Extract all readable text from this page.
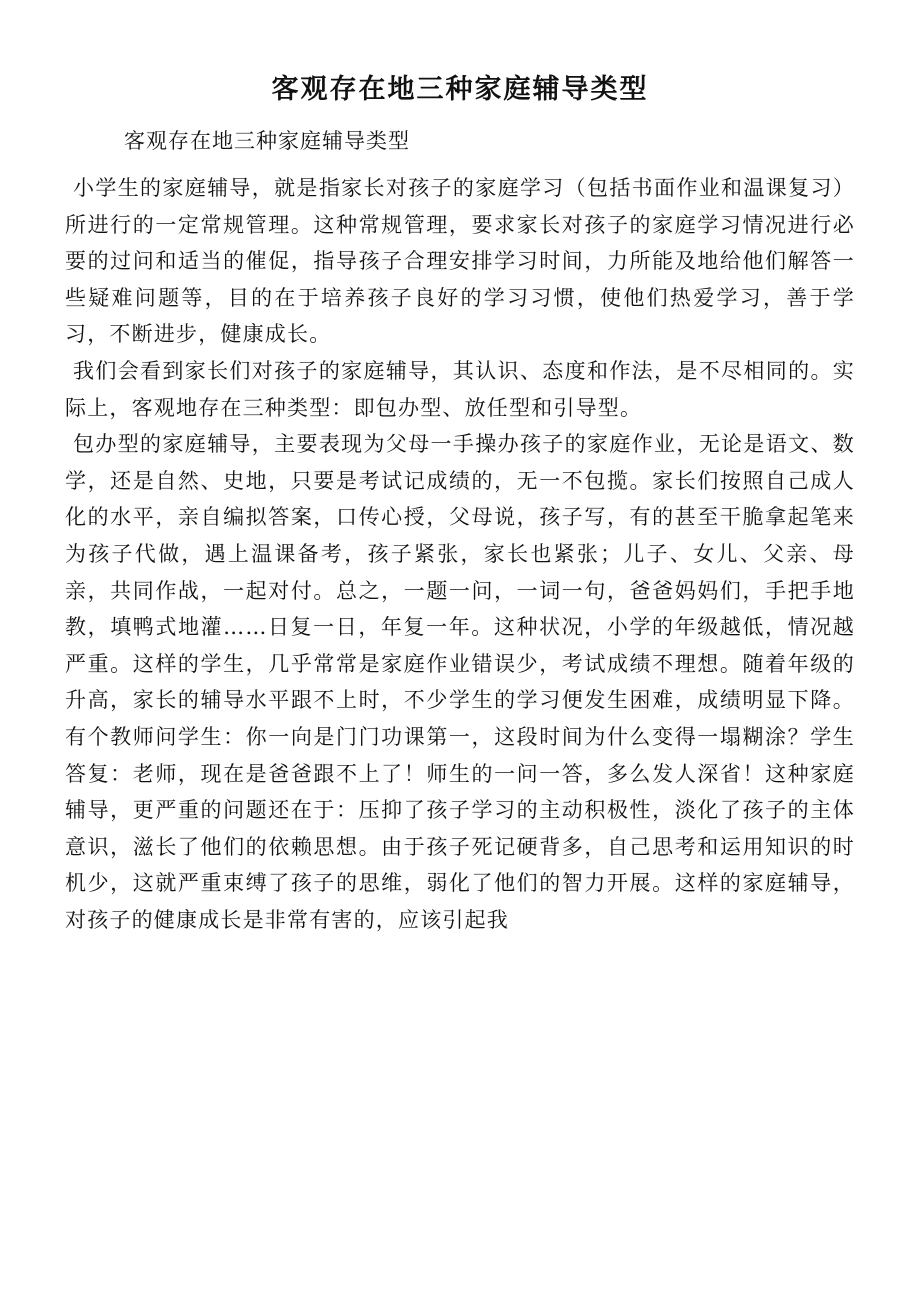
客观存在地三种家庭辅导类型

客观存在地三种家庭辅导类型

小学生的家庭辅导，就是指家长对孩子的家庭学习（包括书面作业和温课复习）所进行的一定常规管理。这种常规管理，要求家长对孩子的家庭学习情况进行必要的过问和适当的催促，指导孩子合理安排学习时间，力所能及地给他们解答一些疑难问题等，目的在于培养孩子良好的学习习惯，使他们热爱学习，善于学习，不断进步，健康成长。

我们会看到家长们对孩子的家庭辅导，其认识、态度和作法，是不尽相同的。实际上，客观地存在三种类型：即包办型、放任型和引导型。

包办型的家庭辅导，主要表现为父母一手操办孩子的家庭作业，无论是语文、数学，还是自然、史地，只要是考试记成绩的，无一不包揽。家长们按照自己成人化的水平，亲自编拟答案，口传心授，父母说，孩子写，有的甚至干脆拿起笔来为孩子代做，遇上温课备考，孩子紧张，家长也紧张；儿子、女儿、父亲、母亲，共同作战，一起对付。总之，一题一问，一词一句，爸爸妈妈们，手把手地教，填鸭式地灌……日复一日，年复一年。这种状况，小学的年级越低，情况越严重。这样的学生，几乎常常是家庭作业错误少，考试成绩不理想。随着年级的升高，家长的辅导水平跟不上时，不少学生的学习便发生困难，成绩明显下降。有个教师问学生：你一向是门门功课第一，这段时间为什么变得一塌糊涂？学生答复：老师，现在是爸爸跟不上了！师生的一问一答，多么发人深省！这种家庭辅导，更严重的问题还在于：压抑了孩子学习的主动积极性，淡化了孩子的主体意识，滋长了他们的依赖思想。由于孩子死记硬背多，自己思考和运用知识的时机少，这就严重束缚了孩子的思维，弱化了他们的智力开展。这样的家庭辅导，对孩子的健康成长是非常有害的，应该引起我
